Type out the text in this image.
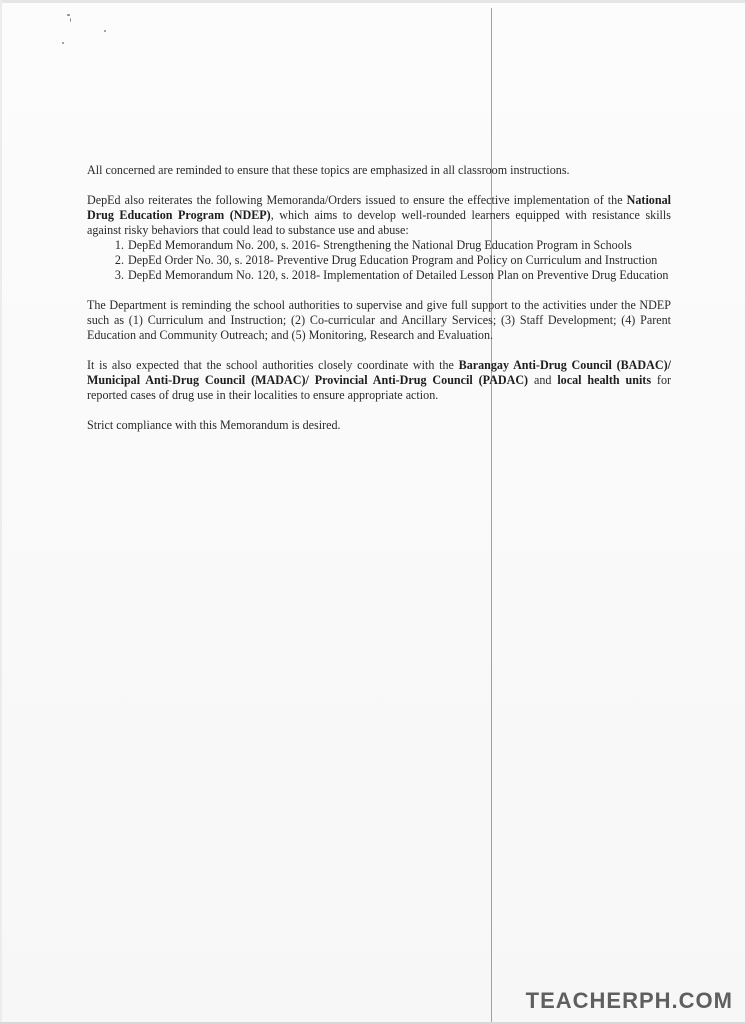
All concerned are reminded to ensure that these topics are emphasized in all classroom instructions.

DepEd also reiterates the following Memoranda/Orders issued to ensure the effective implementation of the National Drug Education Program (NDEP), which aims to develop well-rounded learners equipped with resistance skills against risky behaviors that could lead to substance use and abuse:

1. DepEd Memorandum No. 200, s. 2016- Strengthening the National Drug Education Program in Schools
2. DepEd Order No. 30, s. 2018- Preventive Drug Education Program and Policy on Curriculum and Instruction
3. DepEd Memorandum No. 120, s. 2018- Implementation of Detailed Lesson Plan on Preventive Drug Education

The Department is reminding the school authorities to supervise and give full support to the activities under the NDEP such as (1) Curriculum and Instruction; (2) Co-curricular and Ancillary Services; (3) Staff Development; (4) Parent Education and Community Outreach; and (5) Monitoring, Research and Evaluation.

It is also expected that the school authorities closely coordinate with the Barangay Anti-Drug Council (BADAC)/ Municipal Anti-Drug Council (MADAC)/ Provincial Anti-Drug Council (PADAC) and local health units for reported cases of drug use in their localities to ensure appropriate action.

Strict compliance with this Memorandum is desired.

TEACHERPH.COM
